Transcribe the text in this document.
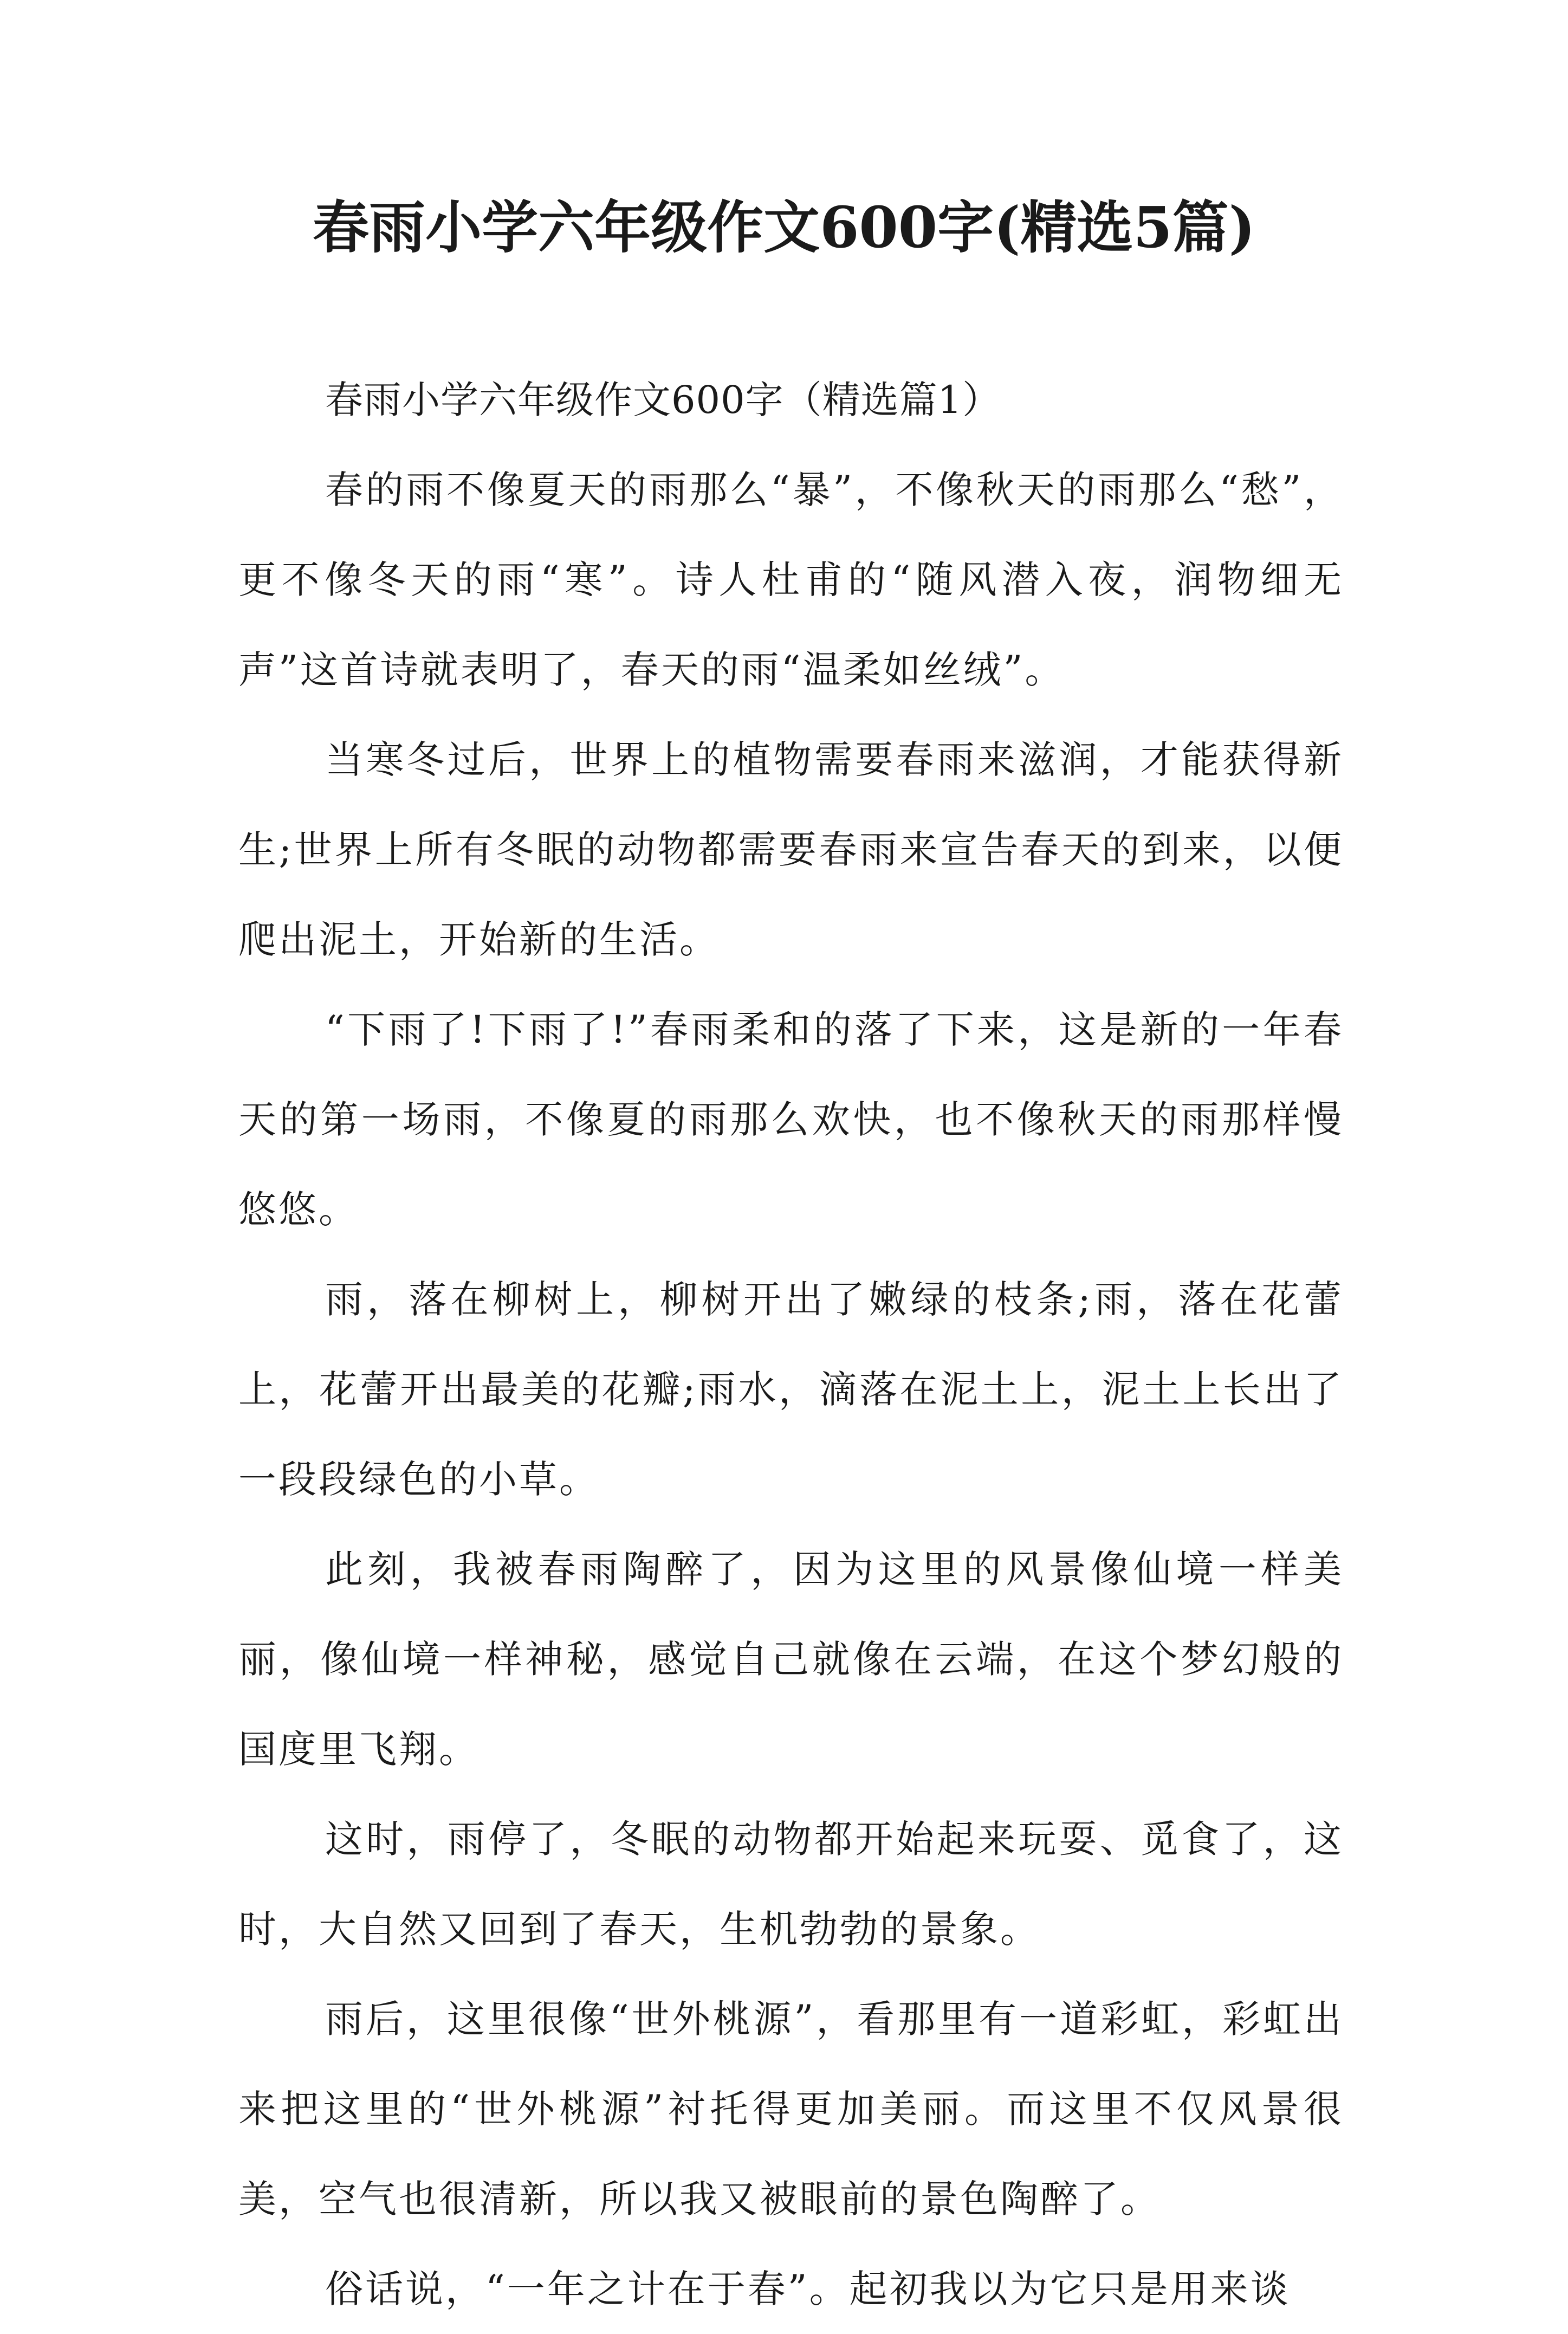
春雨小学六年级作文600字(精选5篇)

春雨小学六年级作文600字（精选篇1）

春的雨不像夏天的雨那么“暴”，不像秋天的雨那么“愁”，更不像冬天的雨“寒”。诗人杜甫的“随风潜入夜，润物细无声”这首诗就表明了，春天的雨“温柔如丝绒”。

当寒冬过后，世界上的植物需要春雨来滋润，才能获得新生;世界上所有冬眠的动物都需要春雨来宣告春天的到来，以便爬出泥土，开始新的生活。

“下雨了!下雨了!”春雨柔和的落了下来，这是新的一年春天的第一场雨，不像夏的雨那么欢快，也不像秋天的雨那样慢悠悠。

雨，落在柳树上，柳树开出了嫩绿的枝条;雨，落在花蕾上，花蕾开出最美的花瓣;雨水，滴落在泥土上，泥土上长出了一段段绿色的小草。

此刻，我被春雨陶醉了，因为这里的风景像仙境一样美丽，像仙境一样神秘，感觉自己就像在云端，在这个梦幻般的国度里飞翔。

这时，雨停了，冬眠的动物都开始起来玩耍、觅食了，这时，大自然又回到了春天，生机勃勃的景象。

雨后，这里很像“世外桃源”，看那里有一道彩虹，彩虹出来把这里的“世外桃源”衬托得更加美丽。而这里不仅风景很美，空气也很清新，所以我又被眼前的景色陶醉了。

俗话说，“一年之计在于春”。起初我以为它只是用来谈
